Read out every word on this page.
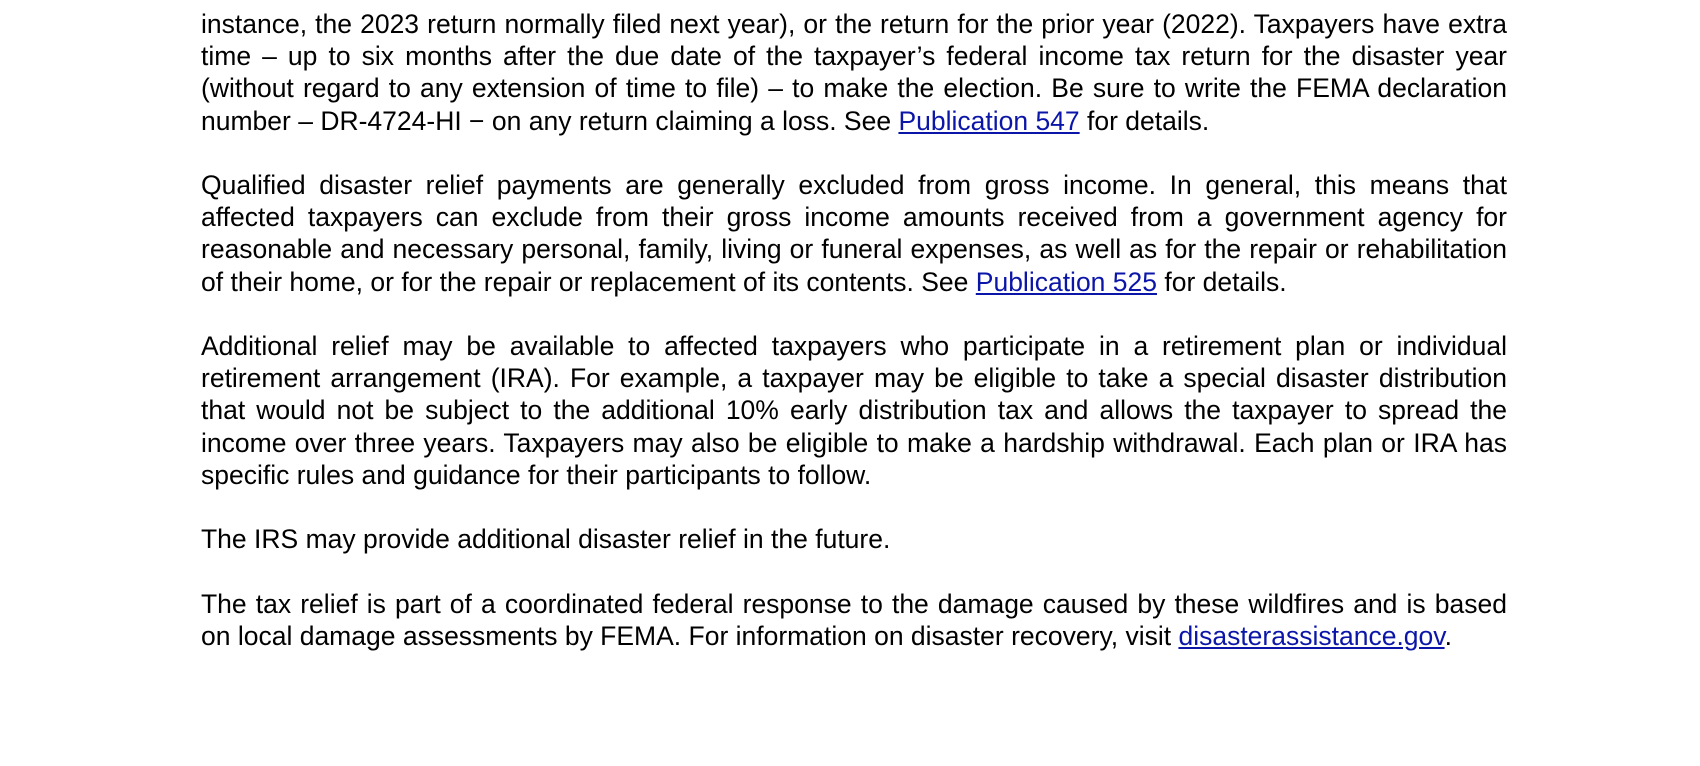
instance, the 2023 return normally filed next year), or the return for the prior year (2022). Taxpayers have extra time – up to six months after the due date of the taxpayer’s federal income tax return for the disaster year (without regard to any extension of time to file) – to make the election. Be sure to write the FEMA declaration number – DR-4724-HI − on any return claiming a loss. See Publication 547 for details.

Qualified disaster relief payments are generally excluded from gross income. In general, this means that affected taxpayers can exclude from their gross income amounts received from a government agency for reasonable and necessary personal, family, living or funeral expenses, as well as for the repair or rehabilitation of their home, or for the repair or replacement of its contents. See Publication 525 for details.

Additional relief may be available to affected taxpayers who participate in a retirement plan or individual retirement arrangement (IRA). For example, a taxpayer may be eligible to take a special disaster distribution that would not be subject to the additional 10% early distribution tax and allows the taxpayer to spread the income over three years. Taxpayers may also be eligible to make a hardship withdrawal. Each plan or IRA has specific rules and guidance for their participants to follow.

The IRS may provide additional disaster relief in the future.

The tax relief is part of a coordinated federal response to the damage caused by these wildfires and is based on local damage assessments by FEMA. For information on disaster recovery, visit disasterassistance.gov.
